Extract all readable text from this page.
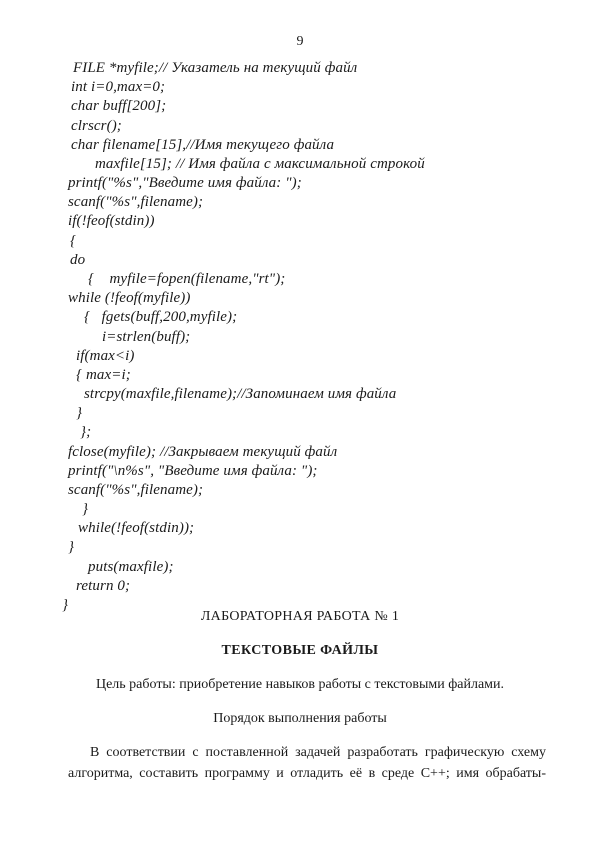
9
FILE *myfile;// Указатель на текущий файл
int i=0,max=0;
char buff[200];
clrscr();
char filename[15],//Имя текущего файла
maxfile[15]; // Имя файла с максимальной строкой
printf("%s","Введите имя файла: ");
scanf("%s",filename);
if(!feof(stdin))
{
do
{    myfile=fopen(filename,"rt");
while (!feof(myfile))
{   fgets(buff,200,myfile);
i=strlen(buff);
if(max<i)
{ max=i;
strcpy(maxfile,filename);//Запоминаем имя файла
}
};
fclose(myfile); //Закрываем текущий файл
printf("\n%s", "Введите имя файла: ");
scanf("%s",filename);
}
while(!feof(stdin));
}
puts(maxfile);
return 0;
}
ЛАБОРАТОРНАЯ РАБОТА № 1
ТЕКСТОВЫЕ ФАЙЛЫ
Цель работы: приобретение навыков работы с текстовыми файлами.
Порядок выполнения работы
В соответствии с поставленной задачей разработать графическую схему
алгоритма, составить программу и отладить её в среде C++; имя обрабаты-
